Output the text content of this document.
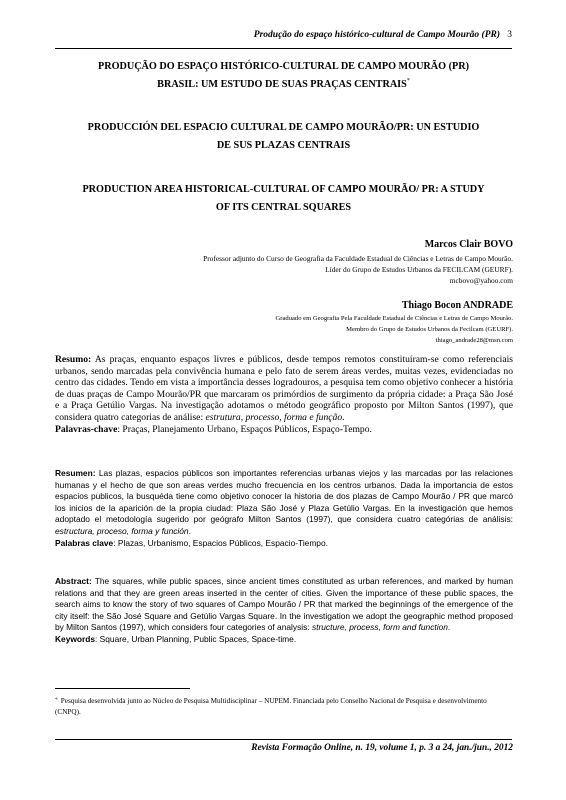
Produção do espaço histórico-cultural de Campo Mourão (PR) 3
PRODUÇÃO DO ESPAÇO HISTÓRICO-CULTURAL DE CAMPO MOURÃO (PR)
BRASIL: UM ESTUDO DE SUAS PRAÇAS CENTRAIS*
PRODUCCIÓN DEL ESPACIO CULTURAL DE CAMPO MOURÃO/PR: UN ESTUDIO
DE SUS PLAZAS CENTRAIS
PRODUCTION AREA HISTORICAL-CULTURAL OF CAMPO MOURÃO/ PR: A STUDY
OF ITS CENTRAL SQUARES
Marcos Clair BOVO
Professor adjunto do Curso de Geografia da Faculdade Estadual de Ciências e Letras de Campo Mourão.
Líder do Grupo de Estudos Urbanos da FECILCAM (GEURF).
mcbovo@yahoo.com
Thiago Bocon ANDRADE
Graduado em Geografia Pela Faculdade Estadual de Ciências e Letras de Campo Mourão.
Membro do Grupo de Estudos Urbanos da Fecilcam (GEURF).
thiago_andrade28@msn.com
Resumo: As praças, enquanto espaços livres e públicos, desde tempos remotos constituíram-se como referenciais urbanos, sendo marcadas pela convivência humana e pelo fato de serem áreas verdes, muitas vezes, evidenciadas no centro das cidades. Tendo em vista a importância desses logradouros, a pesquisa tem como objetivo conhecer a história de duas praças de Campo Mourão/PR que marcaram os primórdios de surgimento da própria cidade: a Praça São José e a Praça Getúlio Vargas. Na investigação adotamos o método geográfico proposto por Milton Santos (1997), que considera quatro categorias de análise: estrutura, processo, forma e função.
Palavras-chave: Praças, Planejamento Urbano, Espaços Públicos, Espaço-Tempo.
Resumen: Las plazas, espacios públicos son importantes referencias urbanas viejos y las marcadas por las relaciones humanas y el hecho de que son areas verdes mucho frecuencia en los centros urbanos. Dada la importancia de estos espacios publicos, la busquéda tiene como objetivo conocer la historia de dos plazas de Campo Mourão / PR que marcó los inicios de la aparición de la propia ciudad: Plaza São José y Plaza Getúlio Vargas. En la investigación que hemos adoptado el metodología sugerido por geógrafo Milton Santos (1997), que considera cuatro categórias de análisis: estructura, proceso, forma y función.
Palabras clave: Plazas, Urbanismo, Espacios Públicos, Espacio-Tiempo.
Abstract: The squares, while public spaces, since ancient times constituted as urban references, and marked by human relations and that they are green areas inserted in the center of cities. Given the importance of these public spaces, the search aims to know the story of two squares of Campo Mourão / PR that marked the beginnings of the emergence of the city itself: the São José Square and Getúlio Vargas Square. In the investigation we adopt the geographic method proposed by Milton Santos (1997), which considers four categories of analysis: structure, process, form and function.
Keywords: Square, Urban Planning, Public Spaces, Space-time.
* Pesquisa desenvolvida junto ao Núcleo de Pesquisa Multidisciplinar – NUPEM. Financiada pelo Conselho Nacional de Pesquisa e desenvolvimento (CNPQ).
Revista Formação Online, n. 19, volume 1, p. 3 a 24, jan./jun., 2012
